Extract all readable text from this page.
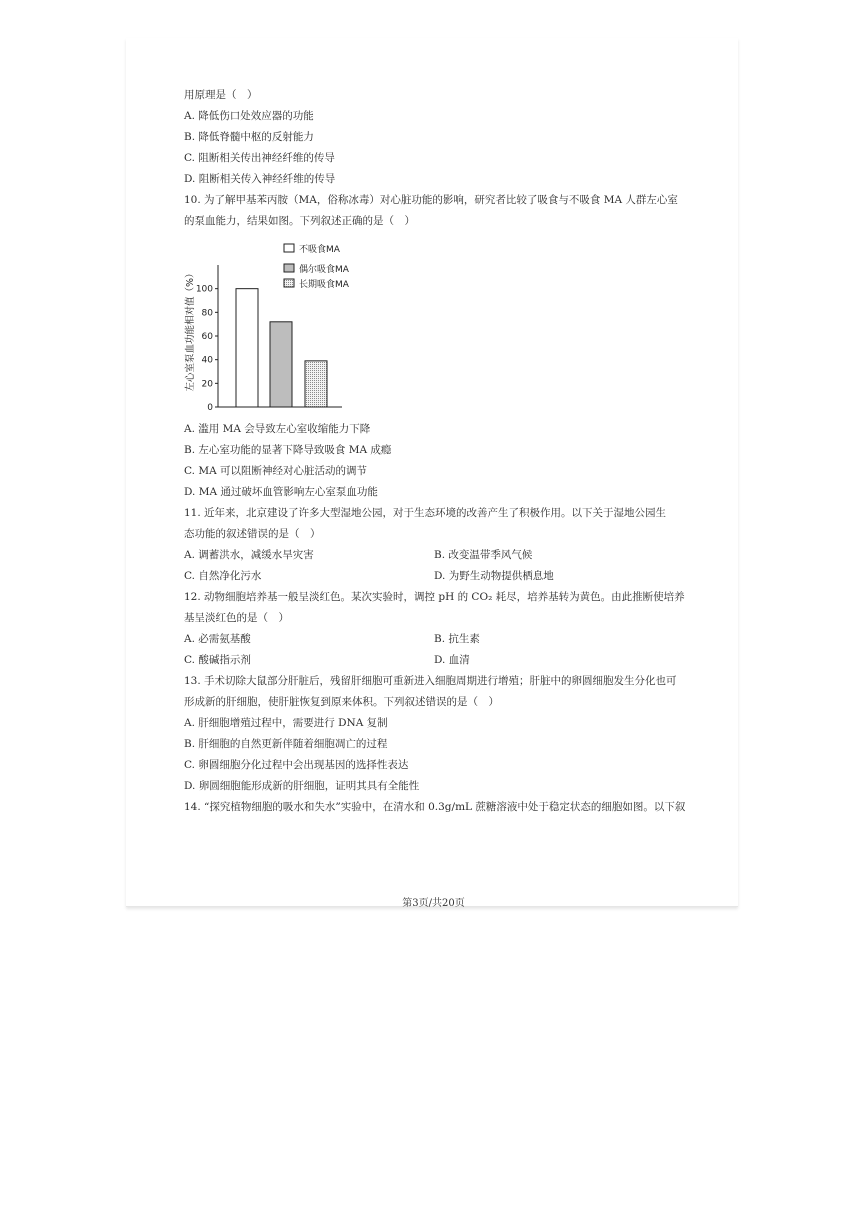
用原理是（　）
A. 降低伤口处效应器的功能
B. 降低脊髓中枢的反射能力
C. 阻断相关传出神经纤维的传导
D. 阻断相关传入神经纤维的传导
10. 为了解甲基苯丙胺（MA，俗称冰毒）对心脏功能的影响，研究者比较了吸食与不吸食 MA 人群左心室
的泵血能力，结果如图。下列叙述正确的是（　）
不吸食MA
偶尔吸食MA
长期吸食MA
左心室泵血功能相对值（%）
0
20
40
60
80
100
A. 滥用 MA 会导致左心室收缩能力下降
B. 左心室功能的显著下降导致吸食 MA 成瘾
C. MA 可以阻断神经对心脏活动的调节
D. MA 通过破坏血管影响左心室泵血功能
11. 近年来，北京建设了许多大型湿地公园，对于生态环境的改善产生了积极作用。以下关于湿地公园生
态功能的叙述错误的是（　）
A. 调蓄洪水，减缓水旱灾害	B. 改变温带季风气候
C. 自然净化污水	D. 为野生动物提供栖息地
12. 动物细胞培养基一般呈淡红色。某次实验时，调控 pH 的 CO₂ 耗尽，培养基转为黄色。由此推断使培养
基呈淡红色的是（　）
A. 必需氨基酸	B. 抗生素
C. 酸碱指示剂	D. 血清
13. 手术切除大鼠部分肝脏后，残留肝细胞可重新进入细胞周期进行增殖；肝脏中的卵圆细胞发生分化也可
形成新的肝细胞，使肝脏恢复到原来体积。下列叙述错误的是（　）
A. 肝细胞增殖过程中，需要进行 DNA 复制
B. 肝细胞的自然更新伴随着细胞凋亡的过程
C. 卵圆细胞分化过程中会出现基因的选择性表达
D. 卵圆细胞能形成新的肝细胞，证明其具有全能性
14. “探究植物细胞的吸水和失水”实验中，在清水和 0.3g/mL 蔗糖溶液中处于稳定状态的细胞如图。以下叙
第3页/共20页
